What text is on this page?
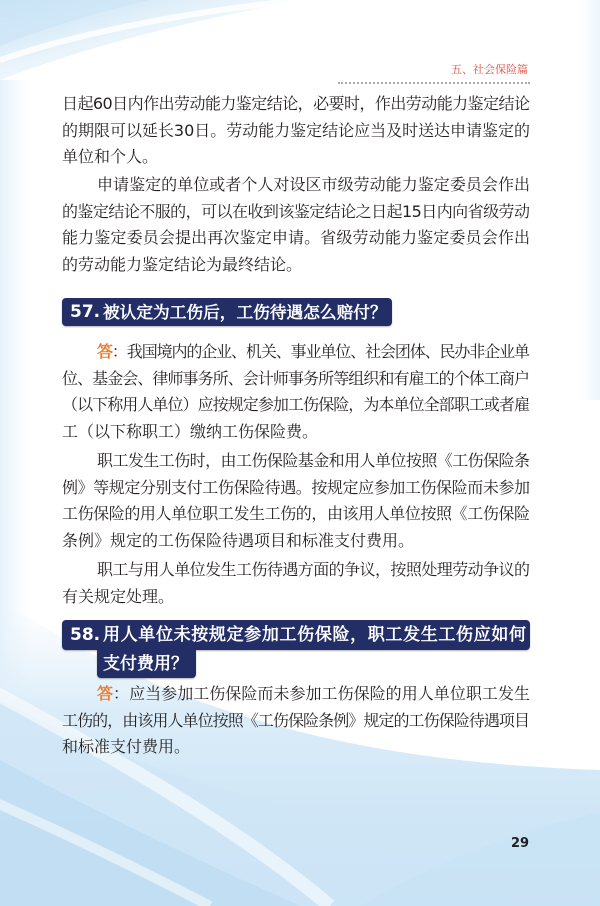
五、社会保险篇
日起60日内作出劳动能力鉴定结论，必要时，作出劳动能力鉴定结论
的期限可以延长30日。劳动能力鉴定结论应当及时送达申请鉴定的
单位和个人。
申请鉴定的单位或者个人对设区市级劳动能力鉴定委员会作出
的鉴定结论不服的，可以在收到该鉴定结论之日起15日内向省级劳动
能力鉴定委员会提出再次鉴定申请。省级劳动能力鉴定委员会作出
的劳动能力鉴定结论为最终结论。
57. 被认定为工伤后，工伤待遇怎么赔付？
答：我国境内的企业、机关、事业单位、社会团体、民办非企业单
位、基金会、律师事务所、会计师事务所等组织和有雇工的个体工商户
（以下称用人单位）应按规定参加工伤保险，为本单位全部职工或者雇
工（以下称职工）缴纳工伤保险费。
职工发生工伤时，由工伤保险基金和用人单位按照《工伤保险条
例》等规定分别支付工伤保险待遇。按规定应参加工伤保险而未参加
工伤保险的用人单位职工发生工伤的，由该用人单位按照《工伤保险
条例》规定的工伤保险待遇项目和标准支付费用。
职工与用人单位发生工伤待遇方面的争议，按照处理劳动争议的
有关规定处理。
58. 用人单位未按规定参加工伤保险，职工发生工伤应如何
支付费用？
答：应当参加工伤保险而未参加工伤保险的用人单位职工发生
工伤的，由该用人单位按照《工伤保险条例》规定的工伤保险待遇项目
和标准支付费用。
29
